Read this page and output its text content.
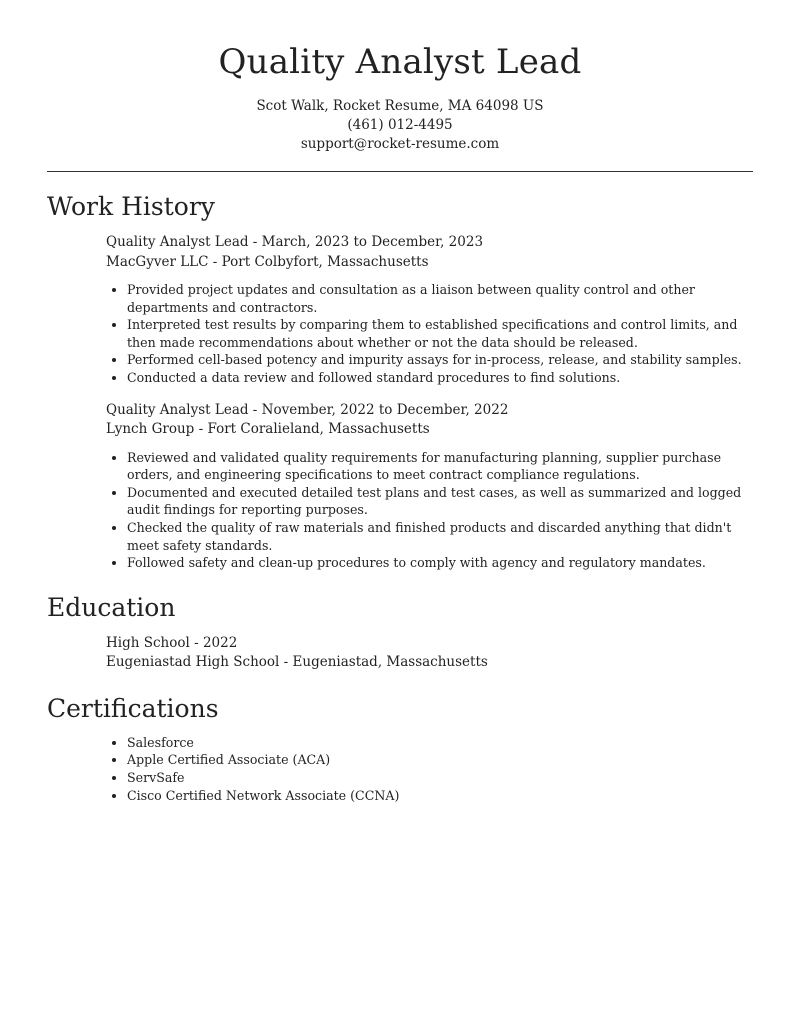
Quality Analyst Lead
Scot Walk, Rocket Resume, MA 64098 US
(461) 012-4495
support@rocket-resume.com
Work History
Quality Analyst Lead - March, 2023 to December, 2023
MacGyver LLC - Port Colbyfort, Massachusetts
• Provided project updates and consultation as a liaison between quality control and other departments and contractors.
• Interpreted test results by comparing them to established specifications and control limits, and then made recommendations about whether or not the data should be released.
• Performed cell-based potency and impurity assays for in-process, release, and stability samples.
• Conducted a data review and followed standard procedures to find solutions.
Quality Analyst Lead - November, 2022 to December, 2022
Lynch Group - Fort Coralieland, Massachusetts
• Reviewed and validated quality requirements for manufacturing planning, supplier purchase orders, and engineering specifications to meet contract compliance regulations.
• Documented and executed detailed test plans and test cases, as well as summarized and logged audit findings for reporting purposes.
• Checked the quality of raw materials and finished products and discarded anything that didn't meet safety standards.
• Followed safety and clean-up procedures to comply with agency and regulatory mandates.
Education
High School - 2022
Eugeniastad High School - Eugeniastad, Massachusetts
Certifications
• Salesforce
• Apple Certified Associate (ACA)
• ServSafe
• Cisco Certified Network Associate (CCNA)
